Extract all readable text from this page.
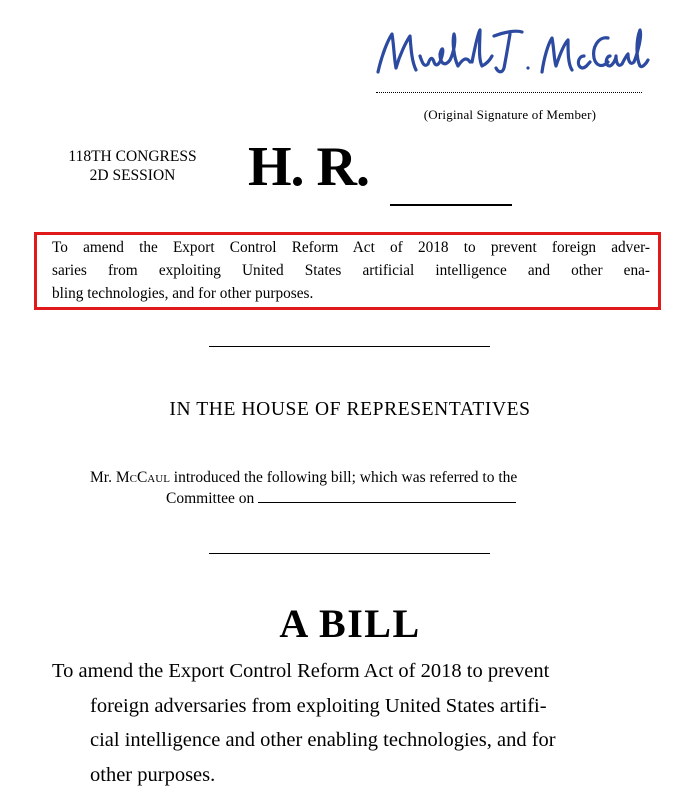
(Original Signature of Member)
118TH CONGRESS
2D SESSION	H. R.
To amend the Export Control Reform Act of 2018 to prevent foreign adver-
saries from exploiting United States artificial intelligence and other ena-
bling technologies, and for other purposes.
IN THE HOUSE OF REPRESENTATIVES
Mr. McCaul introduced the following bill; which was referred to the
Committee on
A BILL
To amend the Export Control Reform Act of 2018 to prevent
foreign adversaries from exploiting United States artifi-
cial intelligence and other enabling technologies, and for
other purposes.
